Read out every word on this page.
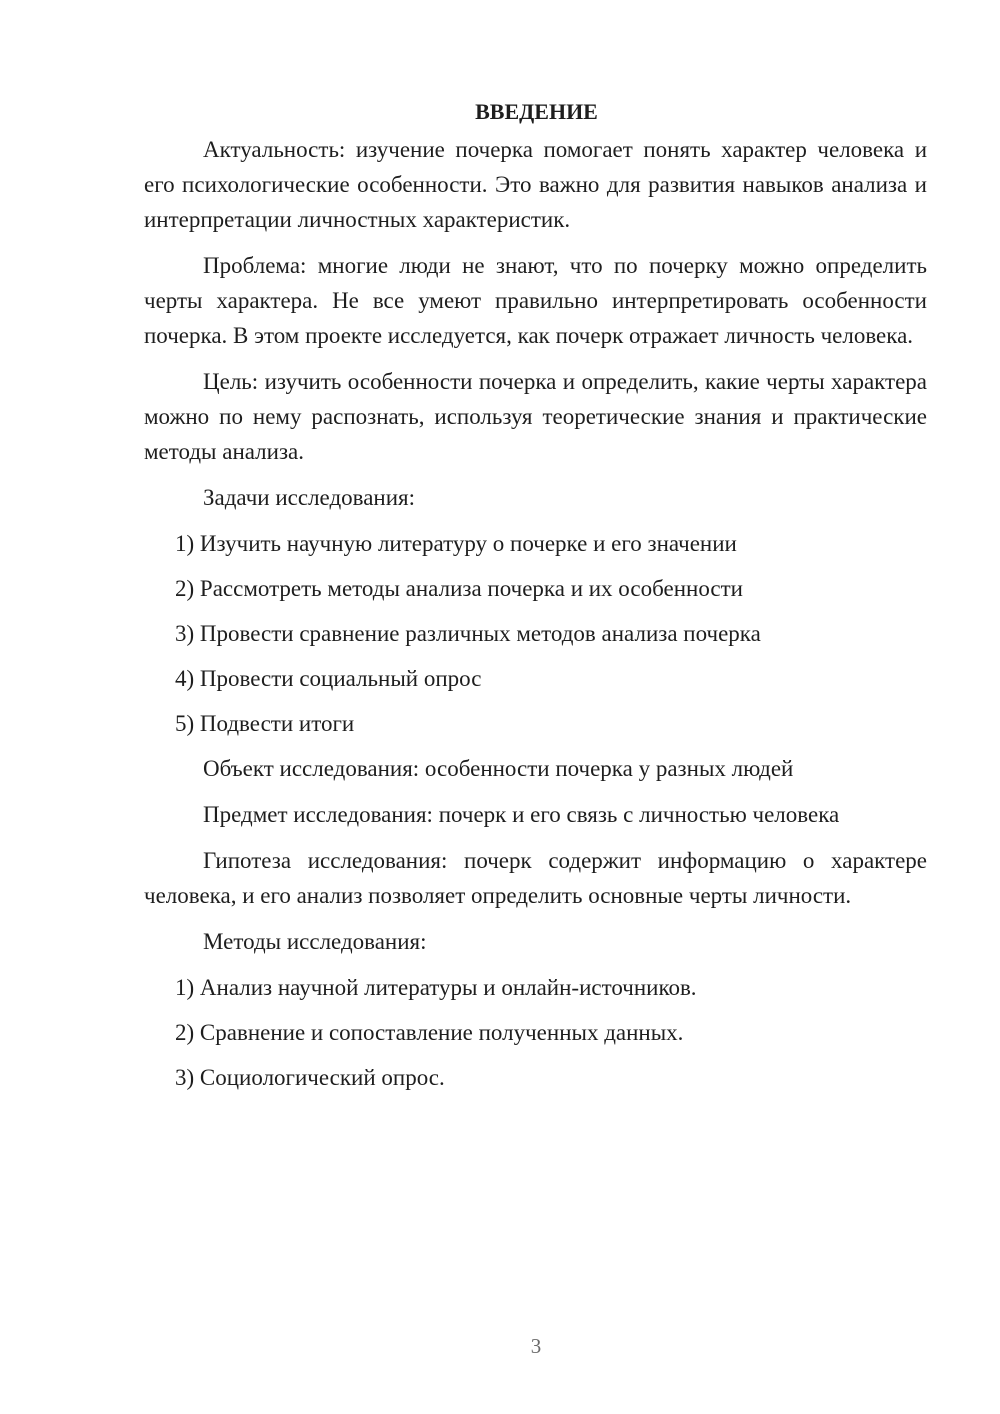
ВВЕДЕНИЕ

Актуальность: изучение почерка помогает понять характер человека и его психологические особенности. Это важно для развития навыков анализа и интерпретации личностных характеристик.

Проблема: многие люди не знают, что по почерку можно определить черты характера. Не все умеют правильно интерпретировать особенности почерка. В этом проекте исследуется, как почерк отражает личность человека.

Цель: изучить особенности почерка и определить, какие черты характера можно по нему распознать, используя теоретические знания и практические методы анализа.

Задачи исследования:

1) Изучить научную литературу о почерке и его значении
2) Рассмотреть методы анализа почерка и их особенности
3) Провести сравнение различных методов анализа почерка
4) Провести социальный опрос
5) Подвести итоги

Объект исследования: особенности почерка у разных людей

Предмет исследования: почерк и его связь с личностью человека

Гипотеза исследования: почерк содержит информацию о характере человека, и его анализ позволяет определить основные черты личности.

Методы исследования:

1) Анализ научной литературы и онлайн-источников.
2) Сравнение и сопоставление полученных данных.
3) Социологический опрос.
3
